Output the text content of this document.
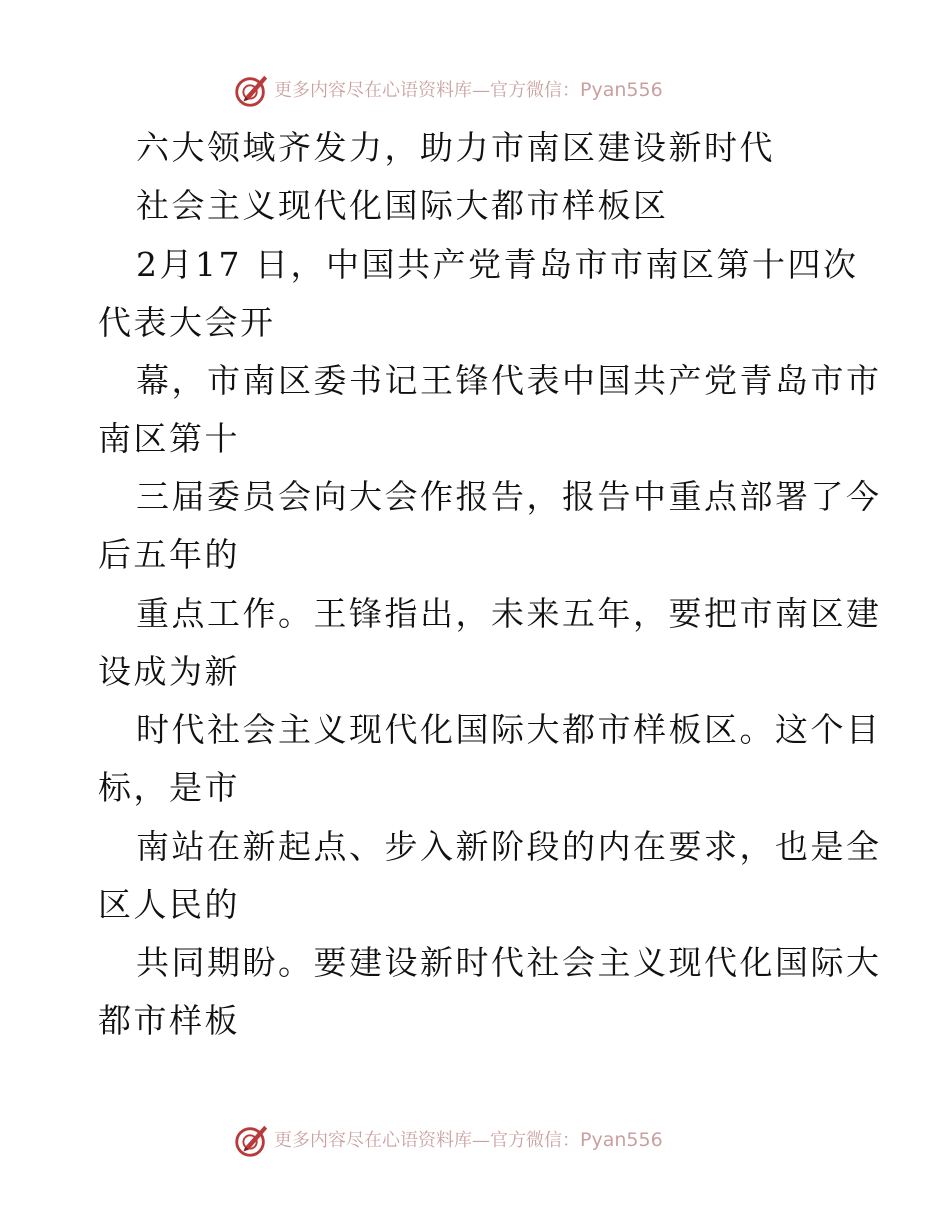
更多内容尽在心语资料库—官方微信：Pyan556
六大领域齐发力，助力市南区建设新时代
社会主义现代化国际大都市样板区
2月17 日，中国共产党青岛市市南区第十四次
代表大会开
幕，市南区委书记王锋代表中国共产党青岛市市
南区第十
三届委员会向大会作报告，报告中重点部署了今
后五年的
重点工作。王锋指出，未来五年，要把市南区建
设成为新
时代社会主义现代化国际大都市样板区。这个目
标，是市
南站在新起点、步入新阶段的内在要求，也是全
区人民的
共同期盼。要建设新时代社会主义现代化国际大
都市样板
更多内容尽在心语资料库—官方微信：Pyan556
